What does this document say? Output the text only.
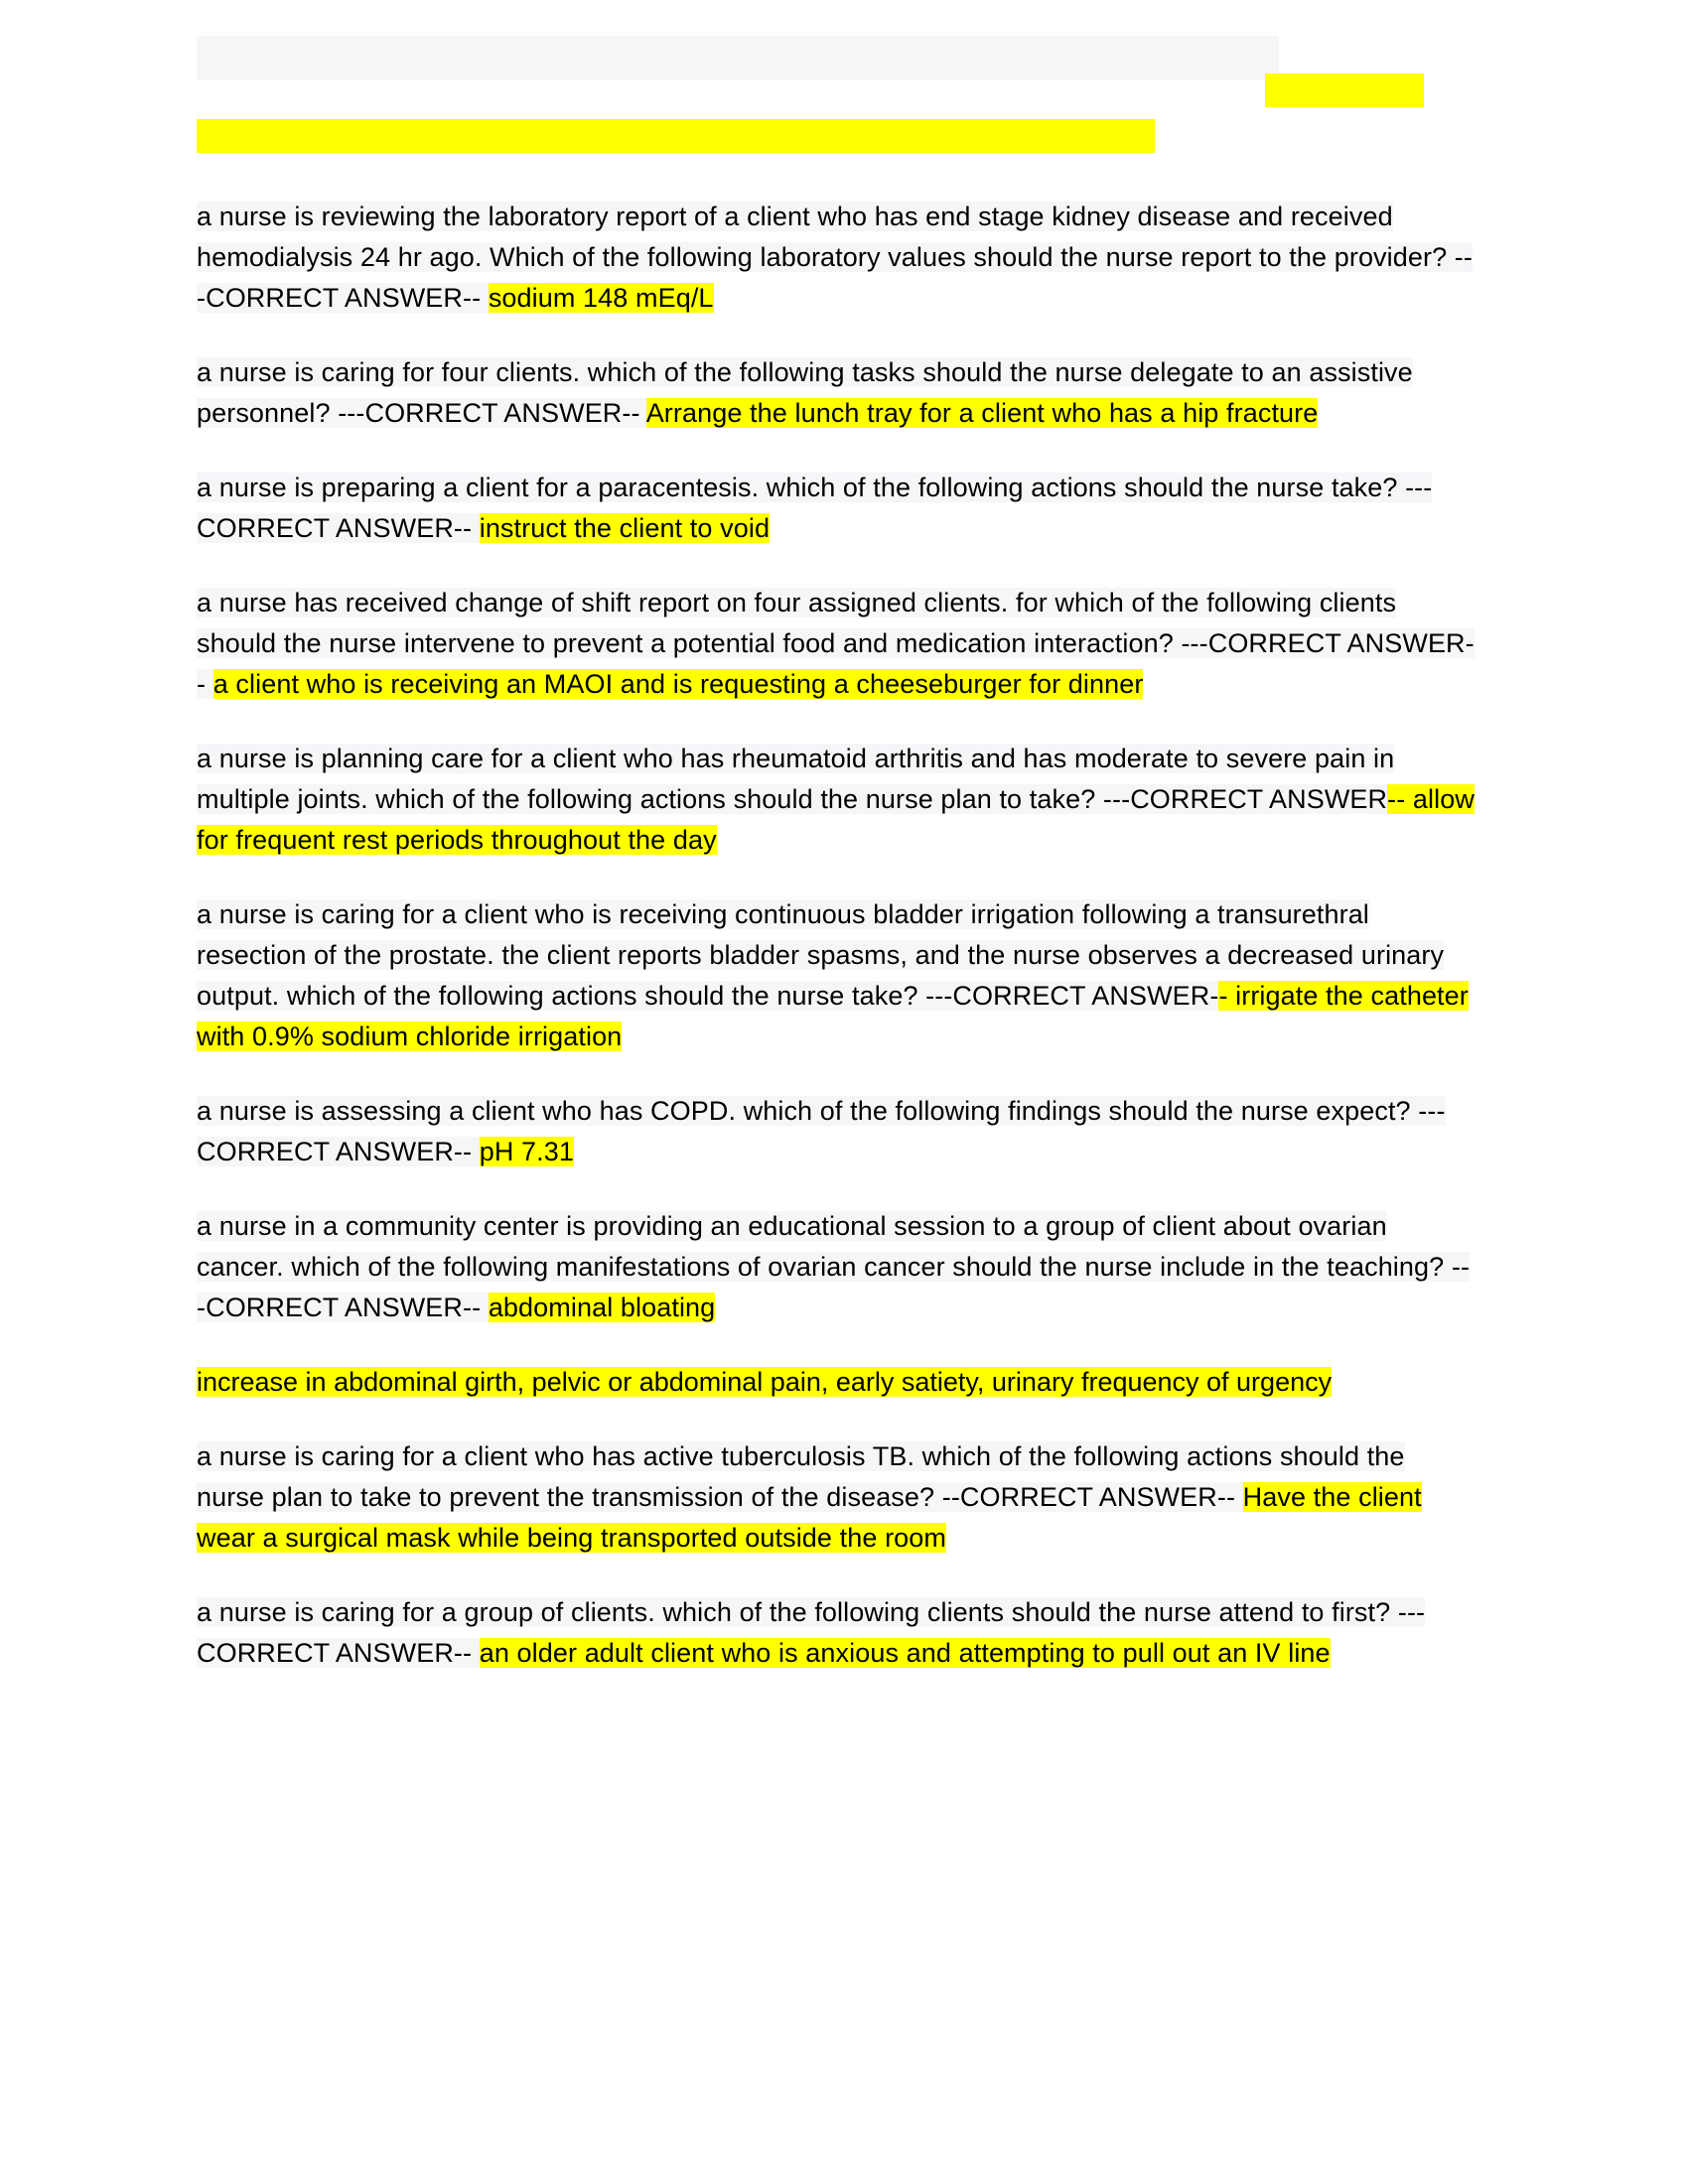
a nurse is reviewing the laboratory report of a client who has end stage kidney disease and received hemodialysis 24 hr ago. Which of the following laboratory values should the nurse report to the provider? ---CORRECT ANSWER-- sodium 148 mEq/L

a nurse is caring for four clients. which of the following tasks should the nurse delegate to an assistive personnel? ---CORRECT ANSWER-- Arrange the lunch tray for a client who has a hip fracture

a nurse is preparing a client for a paracentesis. which of the following actions should the nurse take? ---CORRECT ANSWER-- instruct the client to void

a nurse has received change of shift report on four assigned clients. for which of the following clients should the nurse intervene to prevent a potential food and medication interaction? ---CORRECT ANSWER-- a client who is receiving an MAOI and is requesting a cheeseburger for dinner

a nurse is planning care for a client who has rheumatoid arthritis and has moderate to severe pain in multiple joints. which of the following actions should the nurse plan to take? ---CORRECT ANSWER-- allow for frequent rest periods throughout the day

a nurse is caring for a client who is receiving continuous bladder irrigation following a transurethral resection of the prostate. the client reports bladder spasms, and the nurse observes a decreased urinary output. which of the following actions should the nurse take? ---CORRECT ANSWER-- irrigate the catheter with 0.9% sodium chloride irrigation

a nurse is assessing a client who has COPD. which of the following findings should the nurse expect? ---CORRECT ANSWER-- pH 7.31

a nurse in a community center is providing an educational session to a group of client about ovarian cancer. which of the following manifestations of ovarian cancer should the nurse include in the teaching? ---CORRECT ANSWER-- abdominal bloating

increase in abdominal girth, pelvic or abdominal pain, early satiety, urinary frequency of urgency

a nurse is caring for a client who has active tuberculosis TB. which of the following actions should the nurse plan to take to prevent the transmission of the disease? --CORRECT ANSWER-- Have the client wear a surgical mask while being transported outside the room

a nurse is caring for a group of clients. which of the following clients should the nurse attend to first? ---CORRECT ANSWER-- an older adult client who is anxious and attempting to pull out an IV line
